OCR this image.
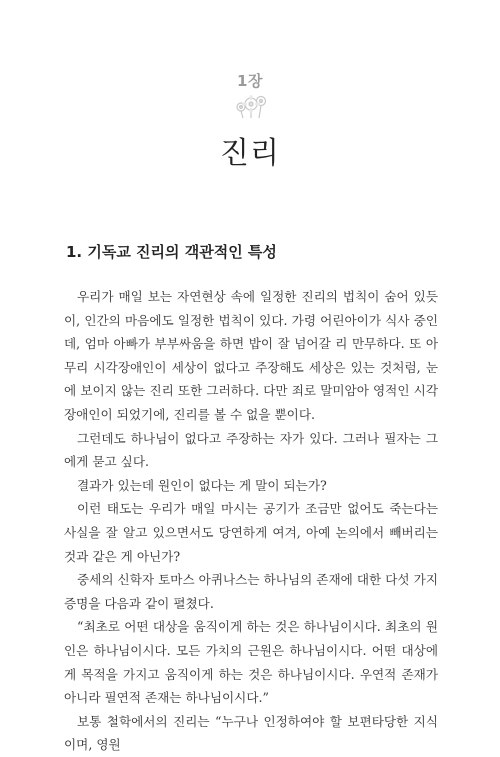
1장
진리
1. 기독교 진리의 객관적인 특성

우리가 매일 보는 자연현상 속에 일정한 진리의 법칙이 숨어 있듯이, 인간의 마음에도 일정한 법칙이 있다. 가령 어린아이가 식사 중인데, 엄마 아빠가 부부싸움을 하면 밥이 잘 넘어갈 리 만무하다. 또 아무리 시각장애인이 세상이 없다고 주장해도 세상은 있는 것처럼, 눈에 보이지 않는 진리 또한 그러하다. 다만 죄로 말미암아 영적인 시각장애인이 되었기에, 진리를 볼 수 없을 뿐이다.

그런데도 하나님이 없다고 주장하는 자가 있다. 그러나 필자는 그에게 묻고 싶다.

결과가 있는데 원인이 없다는 게 말이 되는가?

이런 태도는 우리가 매일 마시는 공기가 조금만 없어도 죽는다는 사실을 잘 알고 있으면서도 당연하게 여겨, 아예 논의에서 빼버리는 것과 같은 게 아닌가?

중세의 신학자 토마스 아퀴나스는 하나님의 존재에 대한 다섯 가지 증명을 다음과 같이 펼쳤다.

“최초로 어떤 대상을 움직이게 하는 것은 하나님이시다. 최초의 원인은 하나님이시다. 모든 가치의 근원은 하나님이시다. 어떤 대상에게 목적을 가지고 움직이게 하는 것은 하나님이시다. 우연적 존재가 아니라 필연적 존재는 하나님이시다.”

보통 철학에서의 진리는 “누구나 인정하여야 할 보편타당한 지식이며, 영원
